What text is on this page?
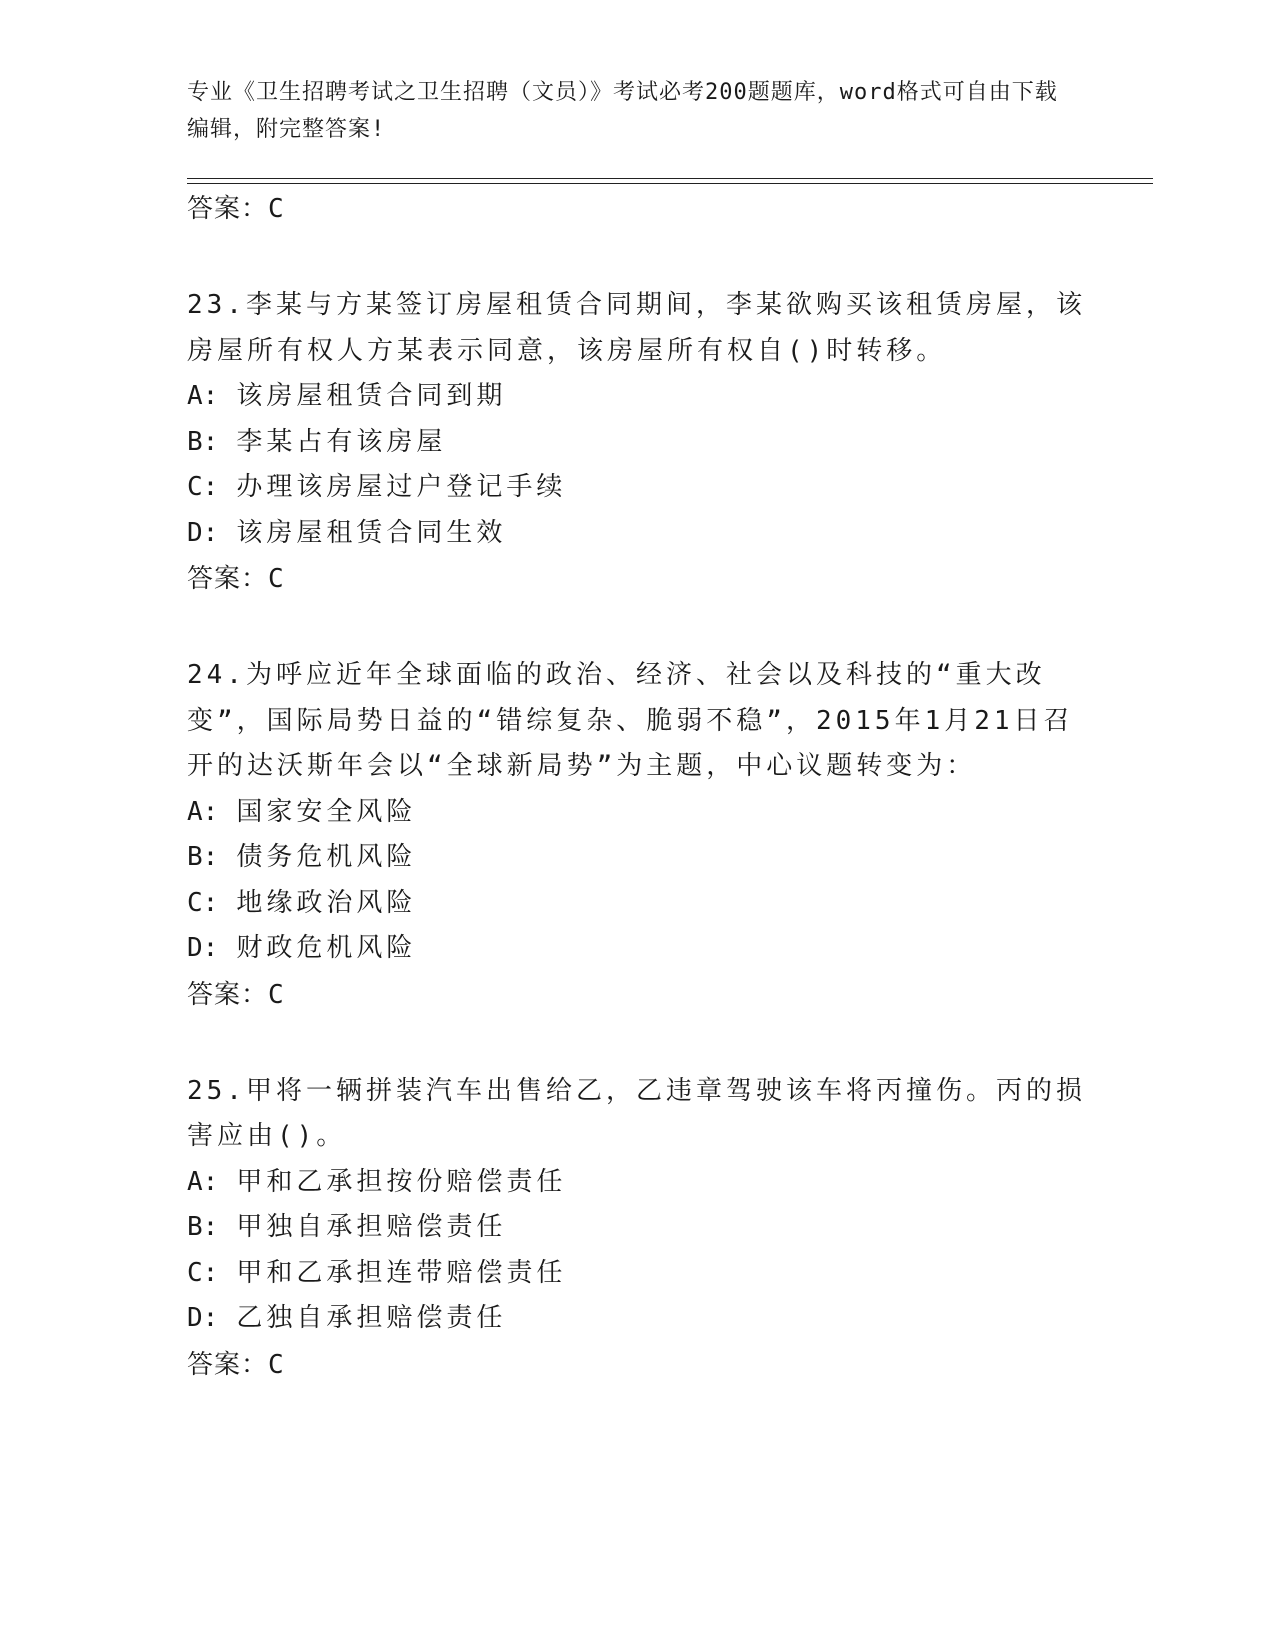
专业《卫生招聘考试之卫生招聘（文员）》考试必考200题题库，word格式可自由下载编辑，附完整答案!
答案：C
23.李某与方某签订房屋租赁合同期间，李某欲购买该租赁房屋，该房屋所有权人方某表示同意，该房屋所有权自()时转移。
A: 该房屋租赁合同到期
B: 李某占有该房屋
C: 办理该房屋过户登记手续
D: 该房屋租赁合同生效
答案：C
24.为呼应近年全球面临的政治、经济、社会以及科技的“重大改变”，国际局势日益的“错综复杂、脆弱不稳”，2015年1月21日召开的达沃斯年会以“全球新局势”为主题，中心议题转变为：
A: 国家安全风险
B: 债务危机风险
C: 地缘政治风险
D: 财政危机风险
答案：C
25.甲将一辆拼装汽车出售给乙，乙违章驾驶该车将丙撞伤。丙的损害应由()。
A: 甲和乙承担按份赔偿责任
B: 甲独自承担赔偿责任
C: 甲和乙承担连带赔偿责任
D: 乙独自承担赔偿责任
答案：C
